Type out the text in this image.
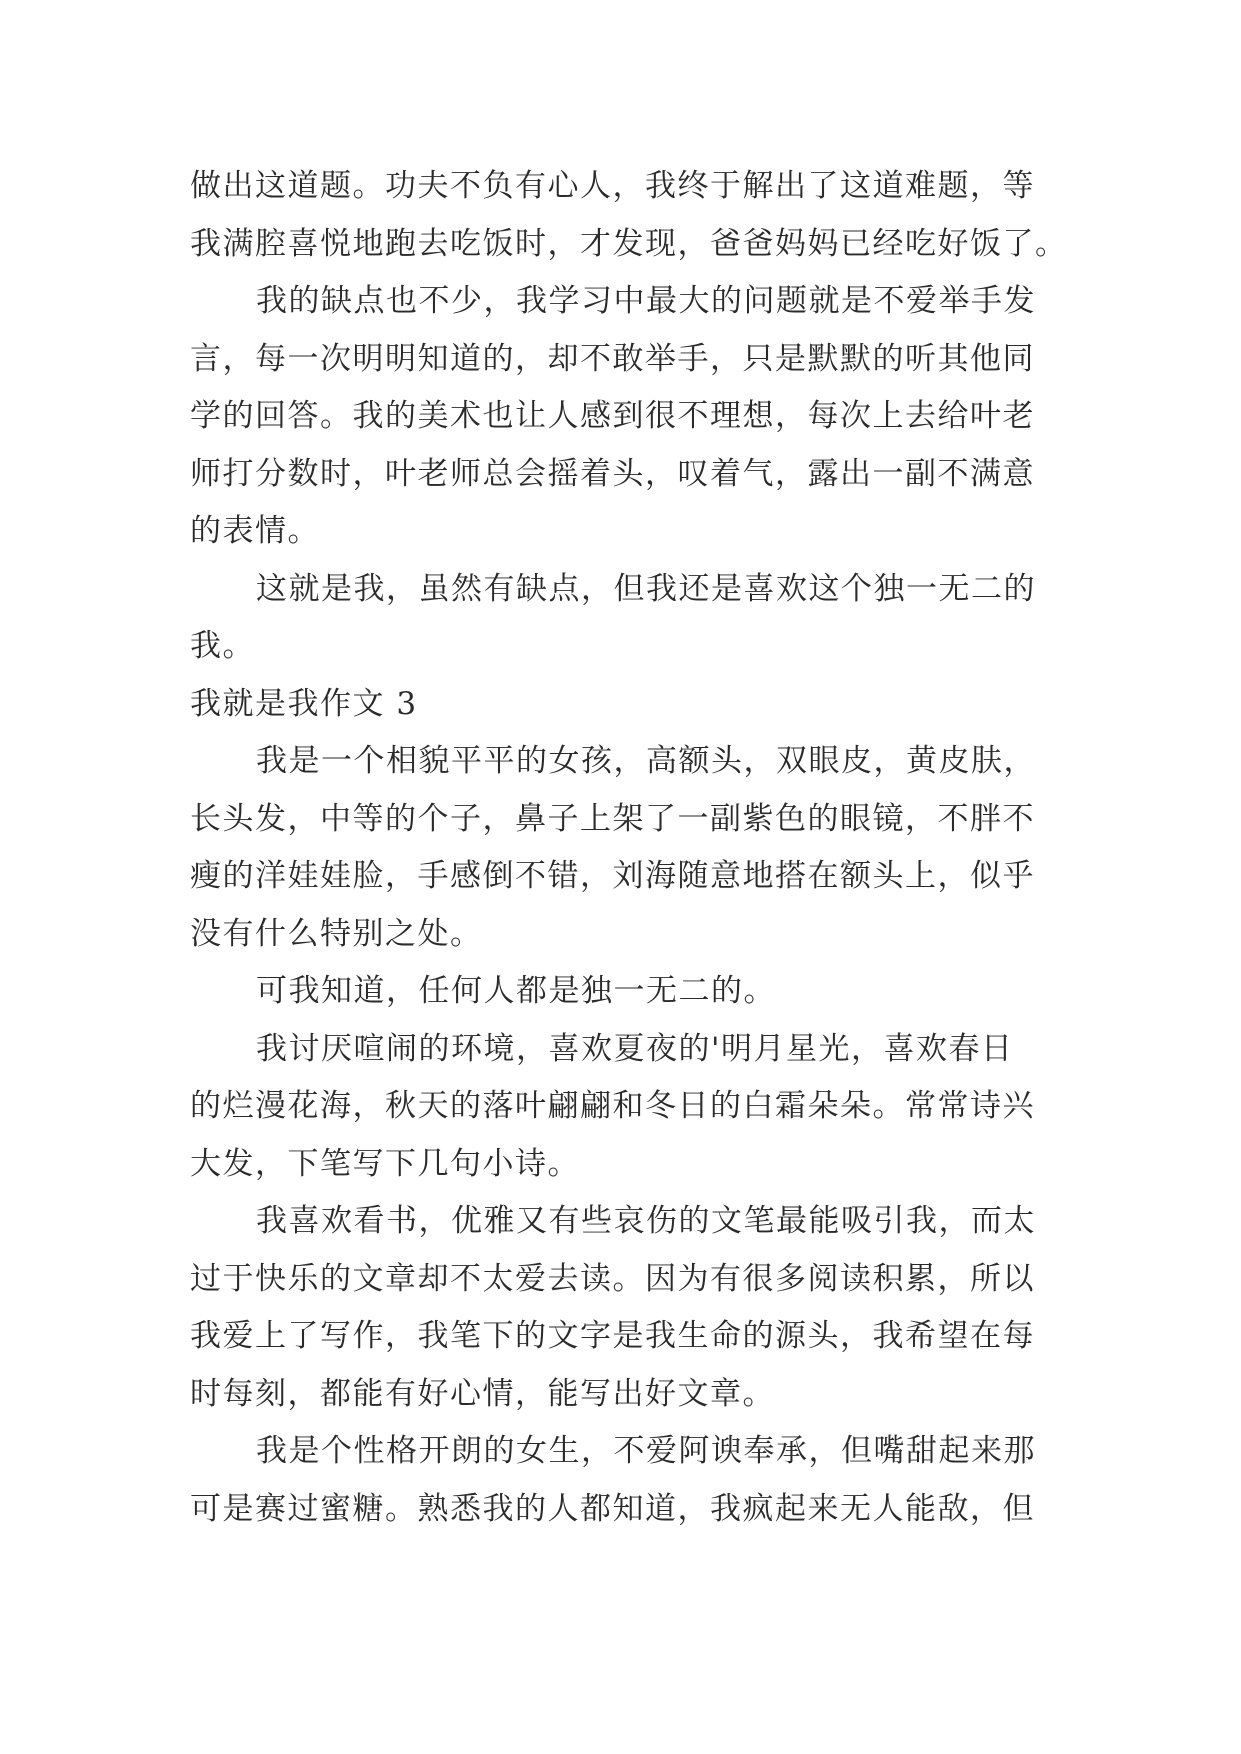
做出这道题。功夫不负有心人，我终于解出了这道难题，等
我满腔喜悦地跑去吃饭时，才发现，爸爸妈妈已经吃好饭了。
我的缺点也不少，我学习中最大的问题就是不爱举手发
言，每一次明明知道的，却不敢举手，只是默默的听其他同
学的回答。我的美术也让人感到很不理想，每次上去给叶老
师打分数时，叶老师总会摇着头，叹着气，露出一副不满意
的表情。
这就是我，虽然有缺点，但我还是喜欢这个独一无二的
我。
我就是我作文 3
我是一个相貌平平的女孩，高额头，双眼皮，黄皮肤，
长头发，中等的个子，鼻子上架了一副紫色的眼镜，不胖不
瘦的洋娃娃脸，手感倒不错，刘海随意地搭在额头上，似乎
没有什么特别之处。
可我知道，任何人都是独一无二的。
我讨厌喧闹的环境，喜欢夏夜的'明月星光，喜欢春日
的烂漫花海，秋天的落叶翩翩和冬日的白霜朵朵。常常诗兴
大发，下笔写下几句小诗。
我喜欢看书，优雅又有些哀伤的文笔最能吸引我，而太
过于快乐的文章却不太爱去读。因为有很多阅读积累，所以
我爱上了写作，我笔下的文字是我生命的源头，我希望在每
时每刻，都能有好心情，能写出好文章。
我是个性格开朗的女生，不爱阿谀奉承，但嘴甜起来那
可是赛过蜜糖。熟悉我的人都知道，我疯起来无人能敌，但
